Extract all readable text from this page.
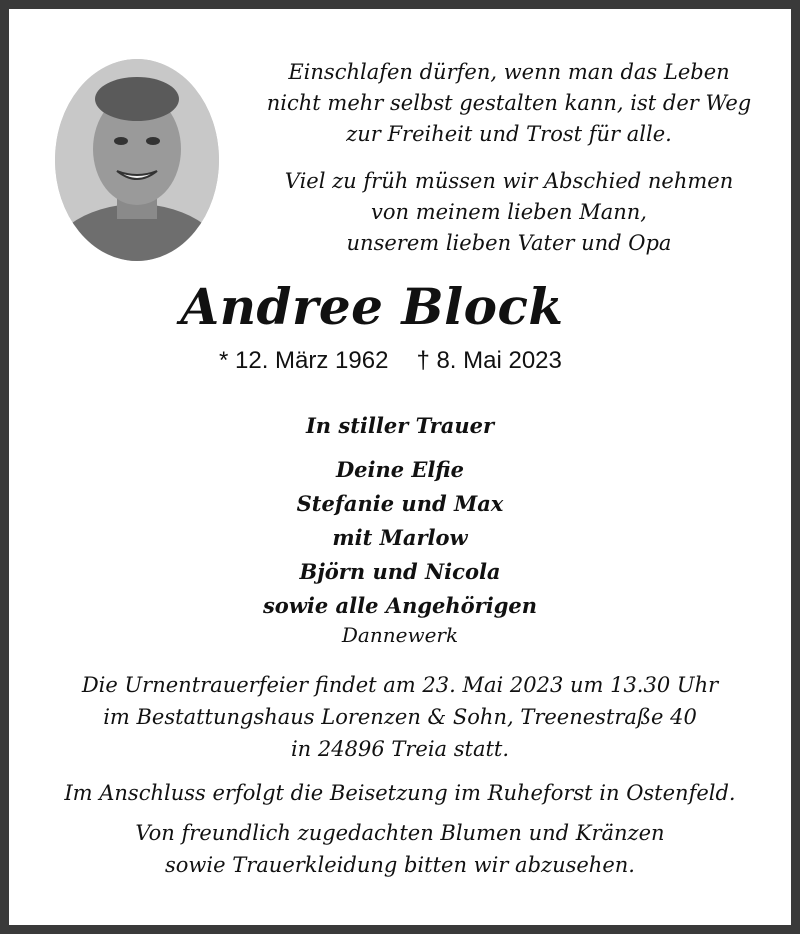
Einschlafen dürfen, wenn man das Leben

nicht mehr selbst gestalten kann, ist der Weg

zur Freiheit und Trost für alle.

Viel zu früh müssen wir Abschied nehmen

von meinem lieben Mann,

unserem lieben Vater und Opa

Andree Block
* 12. März 1962 † 8. Mai 2023
In stiller Trauer
Deine Elfie
Stefanie und Max
mit Marlow
Björn und Nicola
sowie alle Angehörigen
Dannewerk
Die Urnentrauerfeier findet am 23. Mai 2023 um 13.30 Uhr
im Bestattungshaus Lorenzen & Sohn, Treenestraße 40
in 24896 Treia statt.
Im Anschluss erfolgt die Beisetzung im Ruheforst in Ostenfeld.
Von freundlich zugedachten Blumen und Kränzen
sowie Trauerkleidung bitten wir abzusehen.
